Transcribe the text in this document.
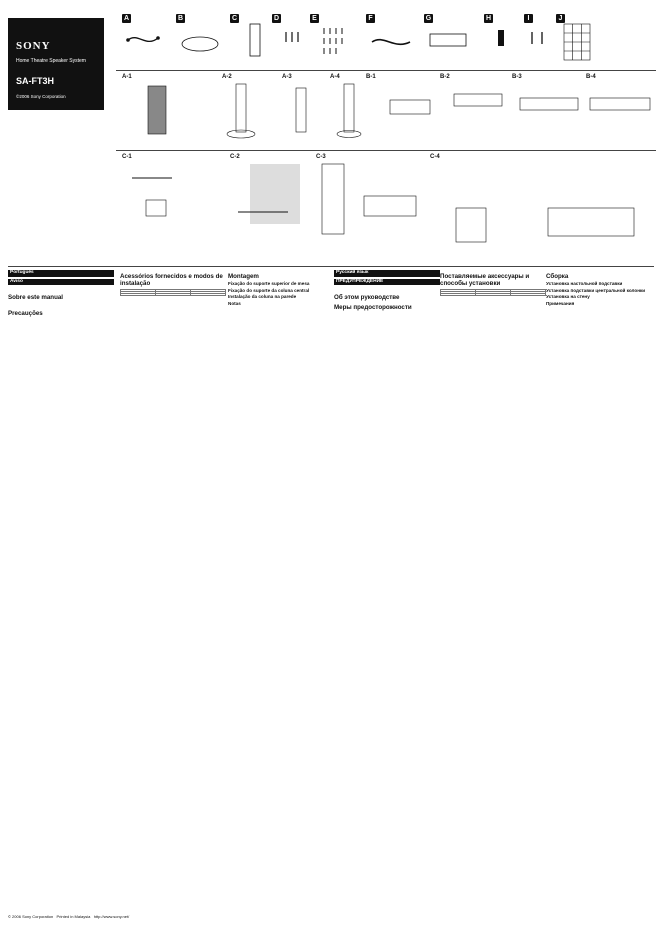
SONY
Home Theatre Speaker System
SA-FT3H
©2006 Sony Corporation
A	B	C	D	E	F	G	H	I	J
A-1	A-2	A-3	A-4	B-1	B-2	B-3	B-4
C-1	C-2	C-3	C-4
Português
Aviso
Sobre este manual
Precauções
Acessórios fornecidos e modos de instalação

Montagem
Fixação do suporte superior de mesa
Fixação do suporte da coluna central
Instalação da coluna na parede
Notas
Русский язык
ПРЕДУПРЕЖДЕНИЕ
Об этом руководстве
Меры предосторожности
Поставляемые аксессуары и способы установки

Сборка
Установка настольной подставки
Установка подставки центральной колонки
Установка на стену
Примечания
© 2006 Sony Corporation Printed in Malaysia http://www.sony.net/
